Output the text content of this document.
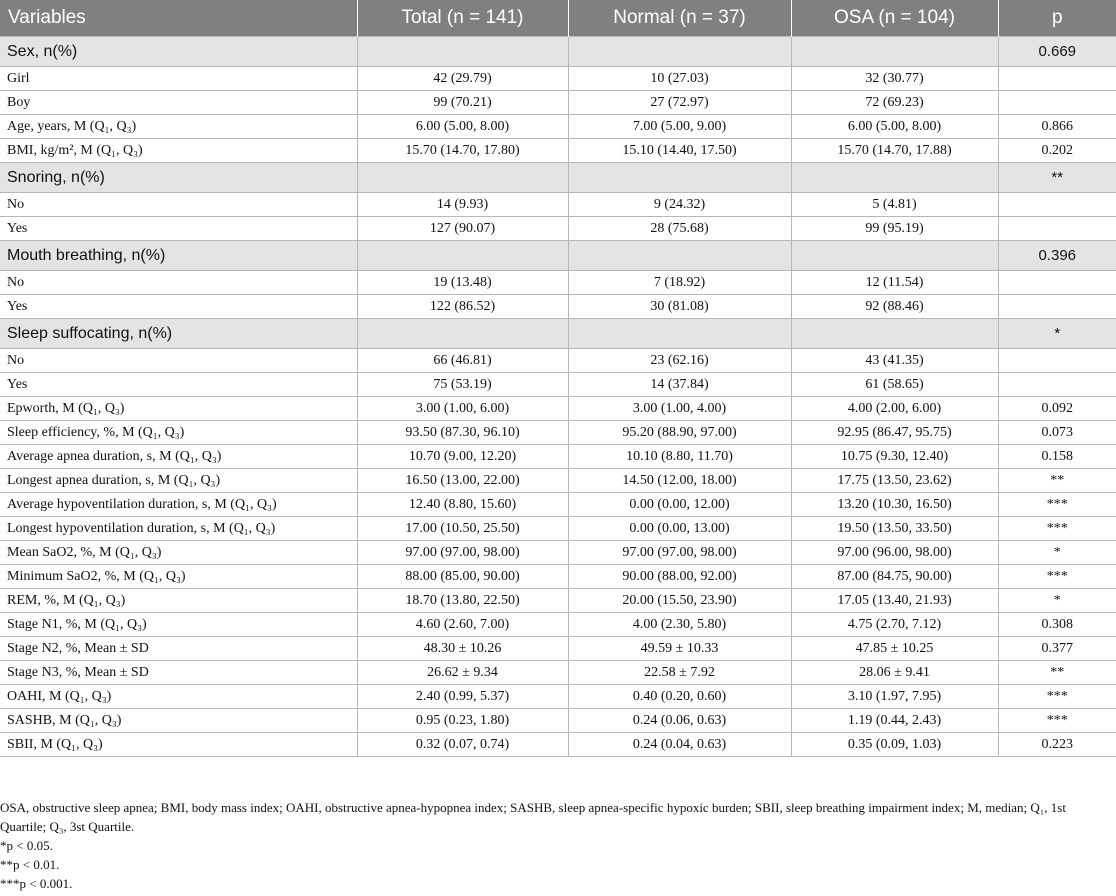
Variables	Total (n = 141)	Normal (n = 37)	OSA (n = 104)	p
Sex, n(%)				0.669
Girl	42 (29.79)	10 (27.03)	32 (30.77)	
Boy	99 (70.21)	27 (72.97)	72 (69.23)	
Age, years, M (Q₁, Q₃)	6.00 (5.00, 8.00)	7.00 (5.00, 9.00)	6.00 (5.00, 8.00)	0.866
BMI, kg/m², M (Q₁, Q₃)	15.70 (14.70, 17.80)	15.10 (14.40, 17.50)	15.70 (14.70, 17.88)	0.202
Snoring, n(%)				**
No	14 (9.93)	9 (24.32)	5 (4.81)	
Yes	127 (90.07)	28 (75.68)	99 (95.19)	
Mouth breathing, n(%)				0.396
No	19 (13.48)	7 (18.92)	12 (11.54)	
Yes	122 (86.52)	30 (81.08)	92 (88.46)	
Sleep suffocating, n(%)				*
No	66 (46.81)	23 (62.16)	43 (41.35)	
Yes	75 (53.19)	14 (37.84)	61 (58.65)	
Epworth, M (Q₁, Q₃)	3.00 (1.00, 6.00)	3.00 (1.00, 4.00)	4.00 (2.00, 6.00)	0.092
Sleep efficiency, %, M (Q₁, Q₃)	93.50 (87.30, 96.10)	95.20 (88.90, 97.00)	92.95 (86.47, 95.75)	0.073
Average apnea duration, s, M (Q₁, Q₃)	10.70 (9.00, 12.20)	10.10 (8.80, 11.70)	10.75 (9.30, 12.40)	0.158
Longest apnea duration, s, M (Q₁, Q₃)	16.50 (13.00, 22.00)	14.50 (12.00, 18.00)	17.75 (13.50, 23.62)	**
Average hypoventilation duration, s, M (Q₁, Q₃)	12.40 (8.80, 15.60)	0.00 (0.00, 12.00)	13.20 (10.30, 16.50)	***
Longest hypoventilation duration, s, M (Q₁, Q₃)	17.00 (10.50, 25.50)	0.00 (0.00, 13.00)	19.50 (13.50, 33.50)	***
Mean SaO2, %, M (Q₁, Q₃)	97.00 (97.00, 98.00)	97.00 (97.00, 98.00)	97.00 (96.00, 98.00)	*
Minimum SaO2, %, M (Q₁, Q₃)	88.00 (85.00, 90.00)	90.00 (88.00, 92.00)	87.00 (84.75, 90.00)	***
REM, %, M (Q₁, Q₃)	18.70 (13.80, 22.50)	20.00 (15.50, 23.90)	17.05 (13.40, 21.93)	*
Stage N1, %, M (Q₁, Q₃)	4.60 (2.60, 7.00)	4.00 (2.30, 5.80)	4.75 (2.70, 7.12)	0.308
Stage N2, %, Mean ± SD	48.30 ± 10.26	49.59 ± 10.33	47.85 ± 10.25	0.377
Stage N3, %, Mean ± SD	26.62 ± 9.34	22.58 ± 7.92	28.06 ± 9.41	**
OAHI, M (Q₁, Q₃)	2.40 (0.99, 5.37)	0.40 (0.20, 0.60)	3.10 (1.97, 7.95)	***
SASHB, M (Q₁, Q₃)	0.95 (0.23, 1.80)	0.24 (0.06, 0.63)	1.19 (0.44, 2.43)	***
SBII, M (Q₁, Q₃)	0.32 (0.07, 0.74)	0.24 (0.04, 0.63)	0.35 (0.09, 1.03)	0.223
OSA, obstructive sleep apnea; BMI, body mass index; OAHI, obstructive apnea-hypopnea index; SASHB, sleep apnea-specific hypoxic burden; SBII, sleep breathing impairment index; M, median; Q₁, 1st Quartile; Q₃, 3st Quartile.
*p < 0.05.
**p < 0.01.
***p < 0.001.
